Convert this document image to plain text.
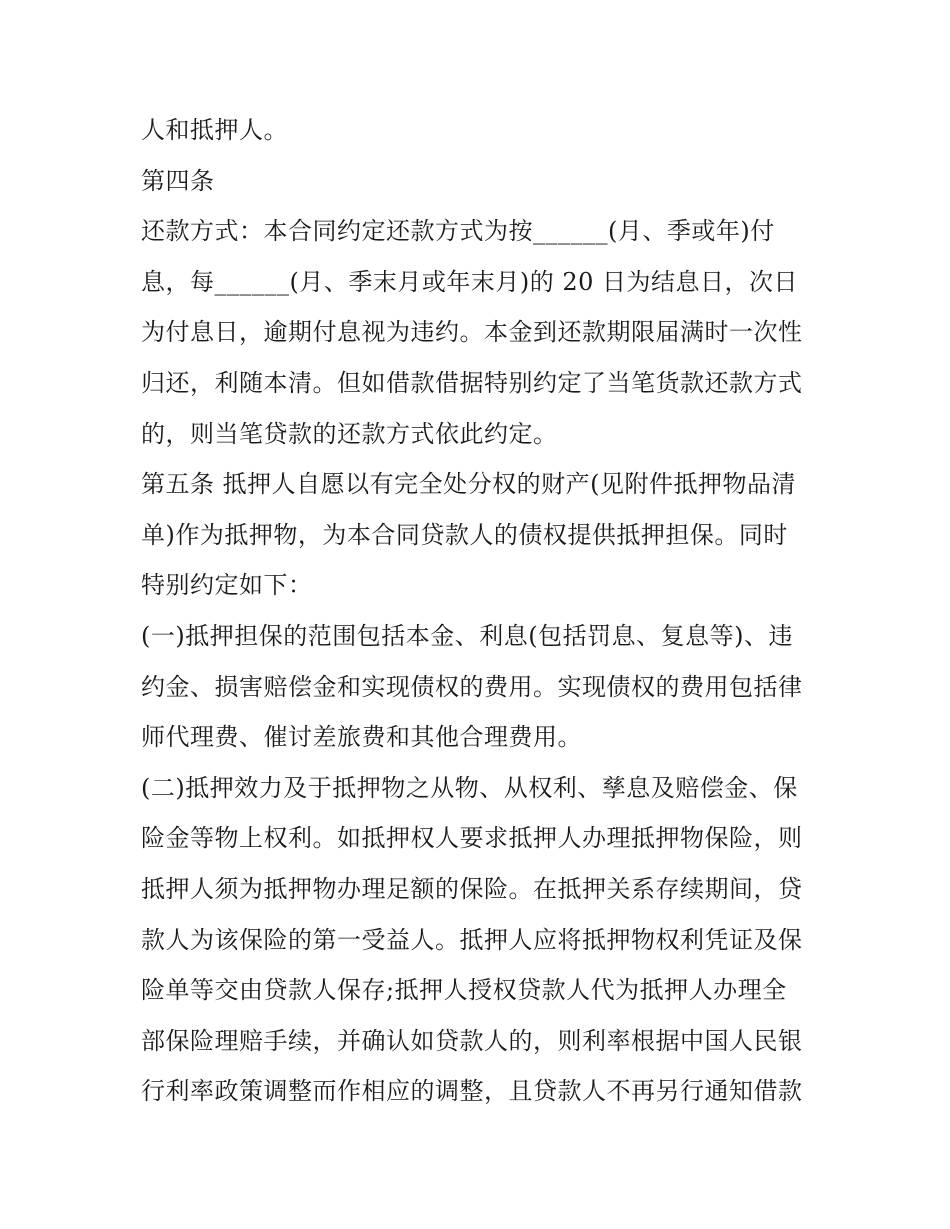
人和抵押人。
第四条
还款方式：本合同约定还款方式为按______(月、季或年)付
息，每______(月、季末月或年末月)的 20 日为结息日，次日
为付息日，逾期付息视为违约。本金到还款期限届满时一次性
归还，利随本清。但如借款借据特别约定了当笔货款还款方式
的，则当笔贷款的还款方式依此约定。
第五条 抵押人自愿以有完全处分权的财产(见附件抵押物品清
单)作为抵押物，为本合同贷款人的债权提供抵押担保。同时
特别约定如下：
(一)抵押担保的范围包括本金、利息(包括罚息、复息等)、违
约金、损害赔偿金和实现债权的费用。实现债权的费用包括律
师代理费、催讨差旅费和其他合理费用。
(二)抵押效力及于抵押物之从物、从权利、孳息及赔偿金、保
险金等物上权利。如抵押权人要求抵押人办理抵押物保险，则
抵押人须为抵押物办理足额的保险。在抵押关系存续期间，贷
款人为该保险的第一受益人。抵押人应将抵押物权利凭证及保
险单等交由贷款人保存;抵押人授权贷款人代为抵押人办理全
部保险理赔手续，并确认如贷款人的，则利率根据中国人民银
行利率政策调整而作相应的调整，且贷款人不再另行通知借款
